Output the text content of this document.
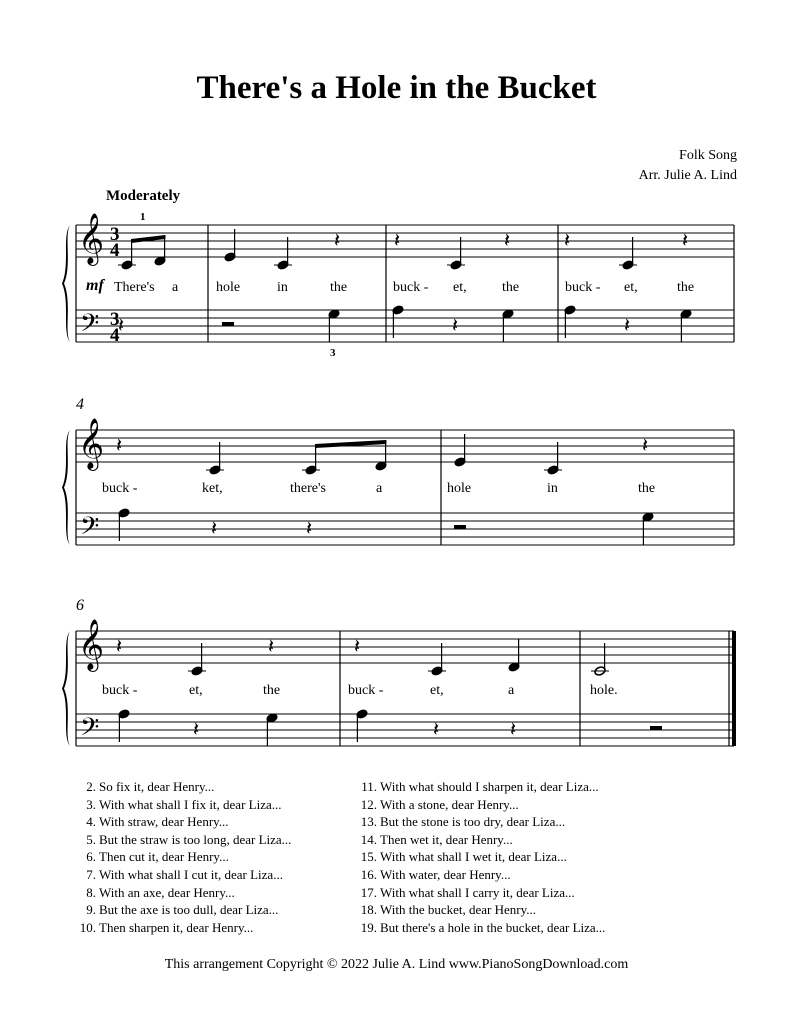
There's a Hole in the Bucket
Folk Song
Arr. Julie A. Lind
Moderately
4
6
𝄞
𝄢
3
4
3
4
𝄽	𝄽	𝄽	𝄽	𝄽
𝄽	𝄽	𝄽
1
3
mf There's a	hole	in	the	buck - et,	the	buck - et,	the
𝄞
𝄢
𝄽	𝄽
𝄽	𝄽
buck -	ket,	there's	a	hole	in	the
𝄞
𝄢
𝄽	𝄽	𝄽
𝄽	𝄽	𝄽
buck -	et,	the	buck -	et,	a	hole.
2. So fix it, dear Henry...
3. With what shall I fix it, dear Liza...
4. With straw, dear Henry...
5. But the straw is too long, dear Liza...
6. Then cut it, dear Henry...
7. With what shall I cut it, dear Liza...
8. With an axe, dear Henry...
9. But the axe is too dull, dear Liza...
10. Then sharpen it, dear Henry...
11. With what should I sharpen it, dear Liza...
12. With a stone, dear Henry...
13. But the stone is too dry, dear Liza...
14. Then wet it, dear Henry...
15. With what shall I wet it, dear Liza...
16. With water, dear Henry...
17. With what shall I carry it, dear Liza...
18. With the bucket, dear Henry...
19. But there's a hole in the bucket, dear Liza...
This arrangement Copyright © 2022 Julie A. Lind www.PianoSongDownload.com
